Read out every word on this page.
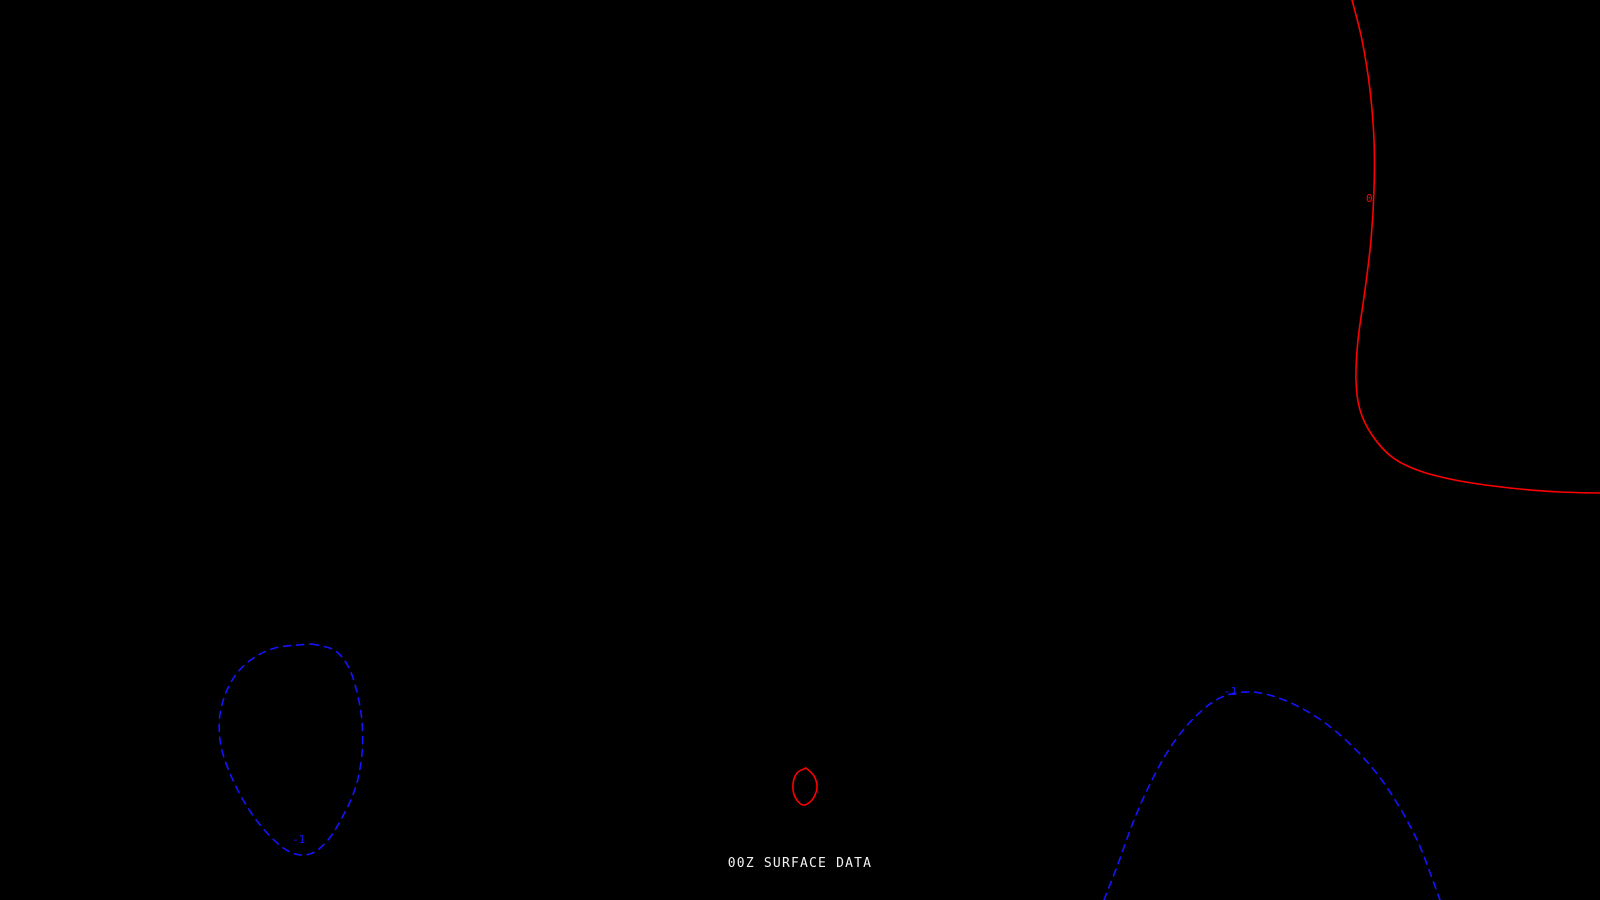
0
-1
-1
00Z SURFACE DATA
